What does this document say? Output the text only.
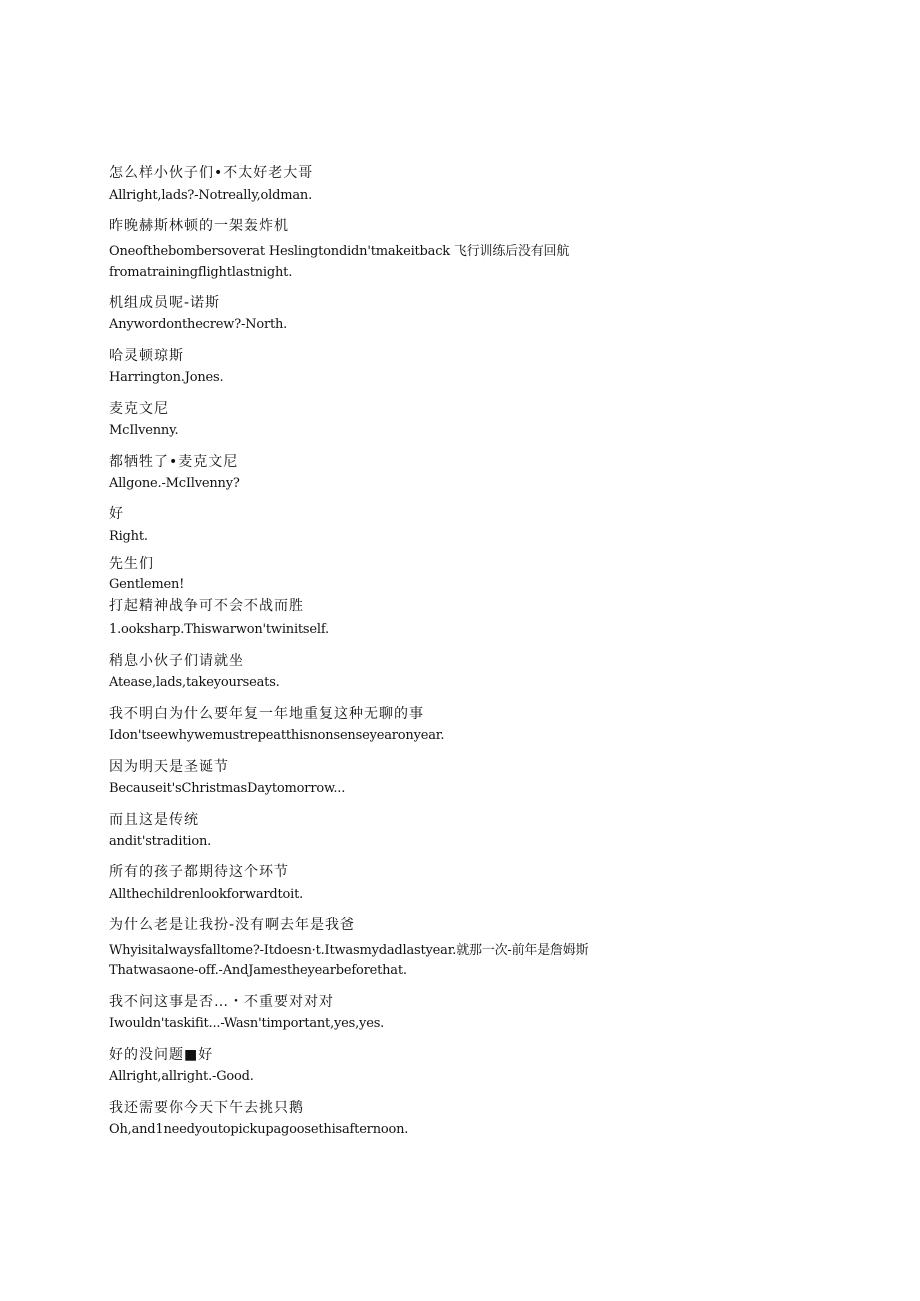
怎么样小伙子们•不太好老大哥
Allright,lads?-Notreally,oldman.
昨晚赫斯林顿的一架轰炸机
Oneofthebombersoverat Heslingtondidn'tmakeitback 飞行训练后没有回航
fromatrainingflightlastnight.
机组成员呢-诺斯
Anywordonthecrew?-North.
哈灵顿琼斯
Harrington.Jones.
麦克文尼
McIlvenny.
都牺牲了•麦克文尼
Allgone.-McIlvenny?
好
Right.
先生们
Gentlemen!
打起精神战争可不会不战而胜
1.ooksharp.Thiswarwon'twinitself.
稍息小伙子们请就坐
Atease,lads,takeyourseats.
我不明白为什么要年复一年地重复这种无聊的事
Idon'tseewhywemustrepeatthisnonsenseyearonyear.
因为明天是圣诞节
Becauseit'sChristmasDaytomorrow...
而且这是传统
andit'stradition.
所有的孩子都期待这个环节
Allthechildrenlookforwardtoit.
为什么老是让我扮-没有啊去年是我爸
Whyisitalwaysfalltome?-Itdoesn·t.Itwasmydadlastyear.就那一次-前年是詹姆斯
Thatwasaone-off.-AndJamestheyearbeforethat.
我不问这事是否…・不重要对对对
Iwouldn'taskifit...-Wasn'timportant,yes,yes.
好的没问题■好
Allright,allright.-Good.
我还需要你今天下午去挑只鹅
Oh,and1needyoutopickupagoosethisafternoon.
